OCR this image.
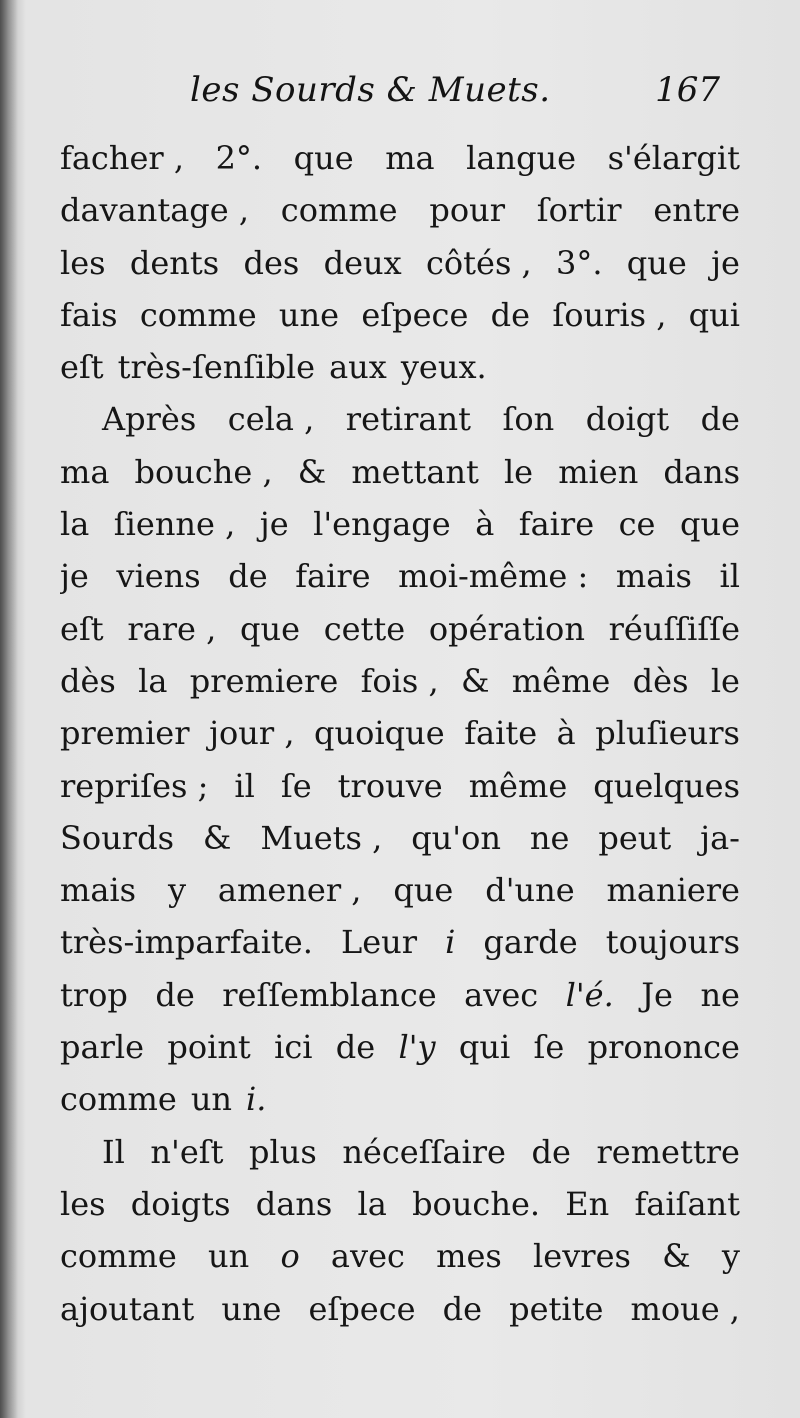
les Sourds & Muets.	167
facher , 2°. que ma langue s'élargit
davantage , comme pour ſortir entre
les dents des deux côtés , 3°. que je
fais comme une eſpece de ſouris , qui
eſt très-ſenſible aux yeux.
Après cela , retirant ſon doigt de
ma bouche , & mettant le mien dans
la ſienne , je l'engage à faire ce que
je viens de faire moi-même : mais il
eſt rare , que cette opération réuſſiſſe
dès la premiere fois , & même dès le
premier jour , quoique faite à pluſieurs
repriſes ; il ſe trouve même quelques
Sourds & Muets , qu'on ne peut ja-
mais y amener , que d'une maniere
très-imparfaite. Leur i garde toujours
trop de reſſemblance avec l'é. Je ne
parle point ici de l'y qui ſe prononce
comme un i.
Il n'eſt plus néceſſaire de remettre
les doigts dans la bouche. En faiſant
comme un o avec mes levres & y
ajoutant une eſpece de petite moue ,
